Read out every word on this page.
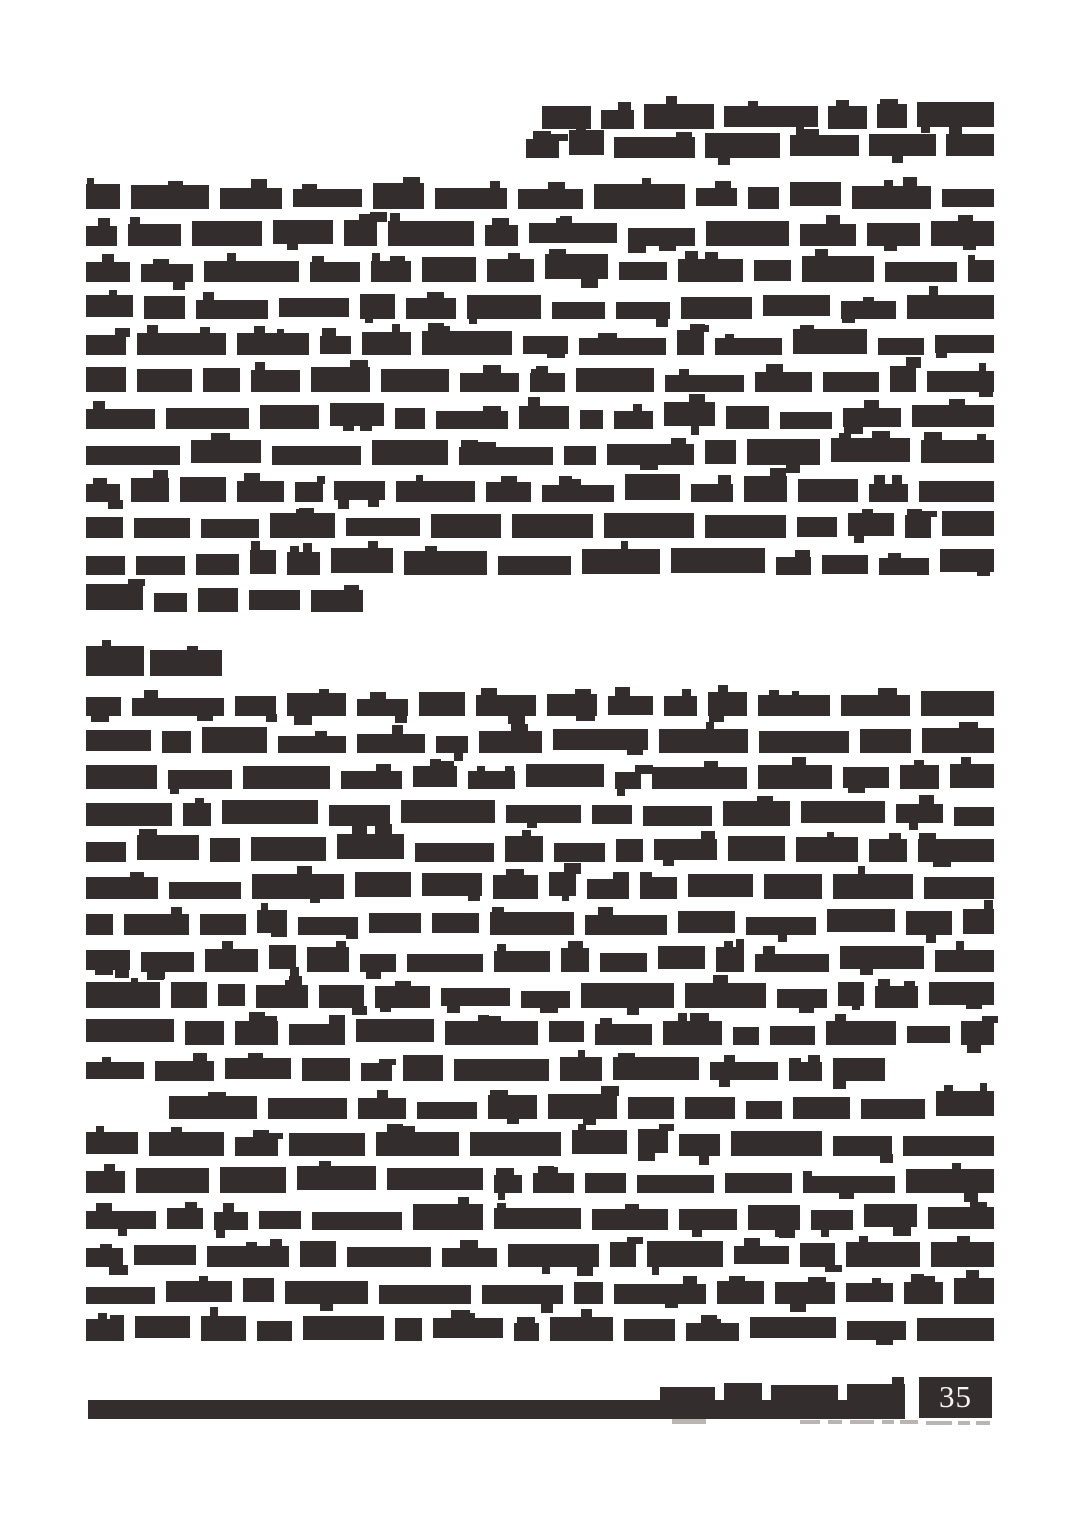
35
